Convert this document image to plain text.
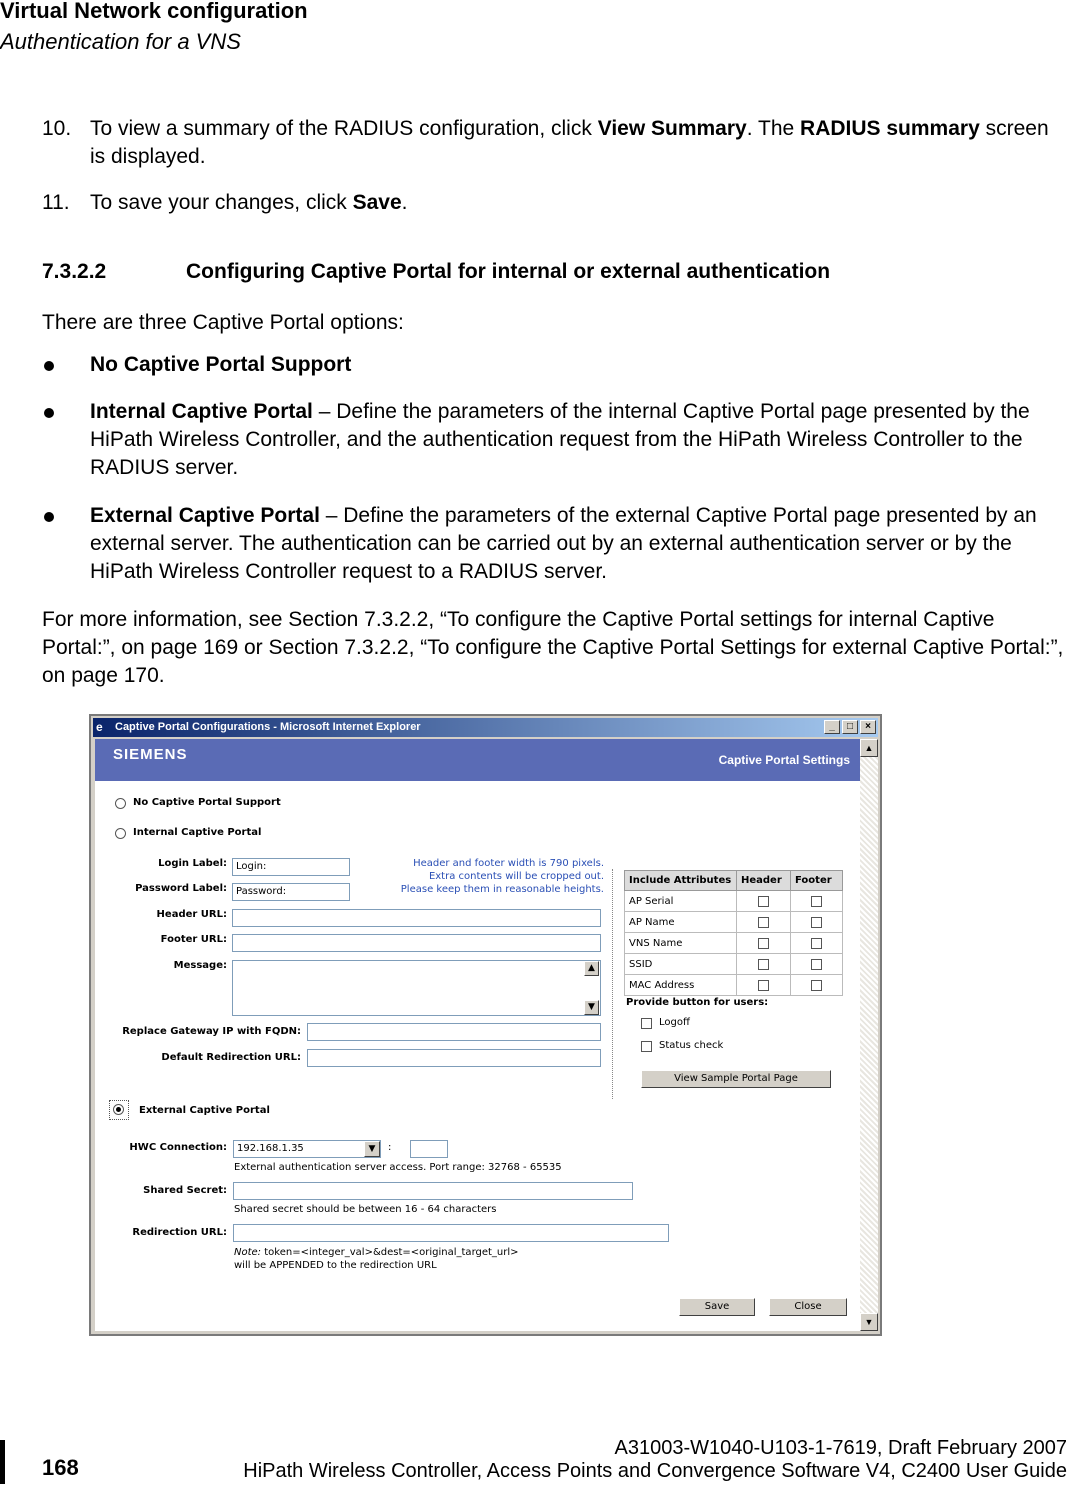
Virtual Network configuration
Authentication for a VNS
10. To view a summary of the RADIUS configuration, click View Summary. The RADIUS summary screen is displayed.
11. To save your changes, click Save.
7.3.2.2	Configuring Captive Portal for internal or external authentication
There are three Captive Portal options:
No Captive Portal Support
Internal Captive Portal – Define the parameters of the internal Captive Portal page presented by the HiPath Wireless Controller, and the authentication request from the HiPath Wireless Controller to the RADIUS server.
External Captive Portal – Define the parameters of the external Captive Portal page presented by an external server. The authentication can be carried out by an external authentication server or by the HiPath Wireless Controller request to a RADIUS server.
For more information, see Section 7.3.2.2, “To configure the Captive Portal settings for internal Captive Portal:”, on page 169 or Section 7.3.2.2, “To configure the Captive Portal Settings for external Captive Portal:”, on page 170.
e	Captive Portal Configurations - Microsoft Internet Explorer	_	□	×
SIEMENS	Captive Portal Settings
No Captive Portal Support
Internal Captive Portal
Login Label: Login:
Password Label: Password:
Header and footer width is 790 pixels.
Extra contents will be cropped out.
Please keep them in reasonable heights.
Header URL:
Footer URL:
Message:	▲
▼
Replace Gateway IP with FQDN:
Default Redirection URL:
Include Attributes	Header	Footer
AP Serial	

AP Name	

VNS Name	

SSID	

MAC Address	

Provide button for users:
Logoff
Status check
View Sample Portal Page
External Captive Portal
HWC Connection:	192.168.1.35	▼	:
External authentication server access. Port range: 32768 - 65535
Shared Secret:
Shared secret should be between 16 - 64 characters
Redirection URL:
Note: token=<integer_val>&dest=<original_target_url>
will be APPENDED to the redirection URL
Save	Close
▲
▼
168
A31003-W1040-U103-1-7619, Draft February 2007
HiPath Wireless Controller, Access Points and Convergence Software V4, C2400 User Guide
